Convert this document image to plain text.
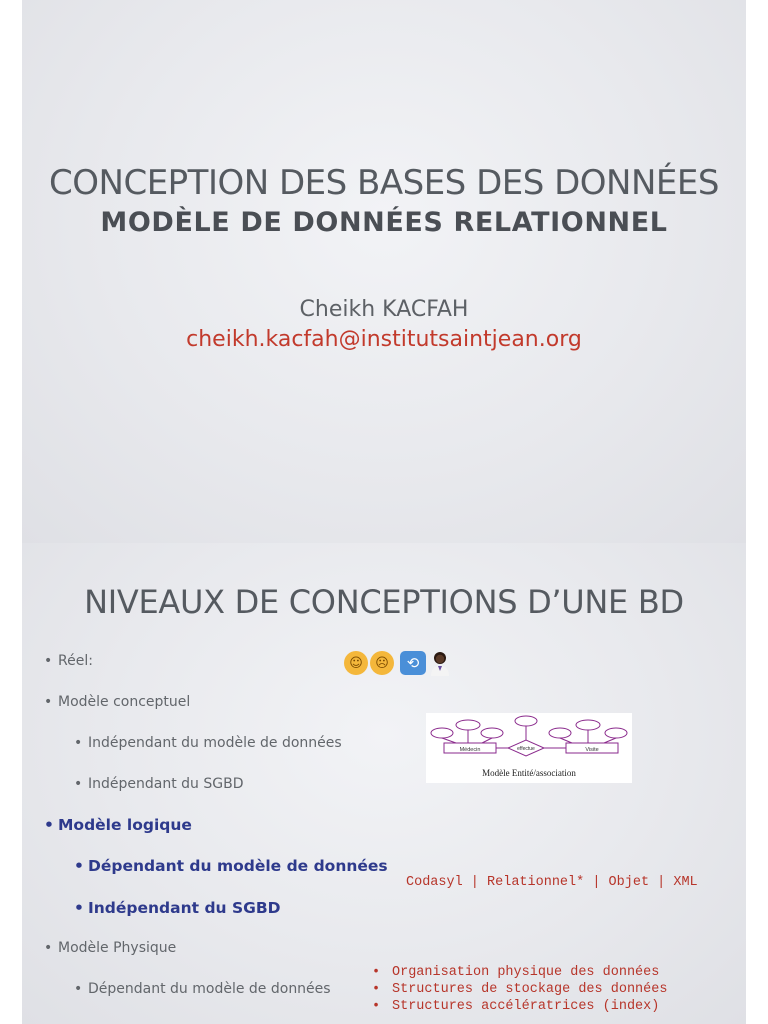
CONCEPTION DES BASES DES DONNÉES
MODÈLE DE DONNÉES RELATIONNEL
Cheikh KACFAH
cheikh.kacfah@institutsaintjean.org
NIVEAUX DE CONCEPTIONS D’UNE BD
• Réel:
• Modèle conceptuel
• Indépendant du modèle de données
• Indépendant du SGBD
• Modèle logique
• Dépendant du modèle de données
• Indépendant du SGBD
• Modèle Physique
• Dépendant du modèle de données
☺ ☹	⟲
Médecin	effectue	Visite
Modèle Entité/association
Codasyl | Relationnel* | Objet | XML
• Organisation physique des données
• Structures de stockage des données
• Structures accélératrices (index)
